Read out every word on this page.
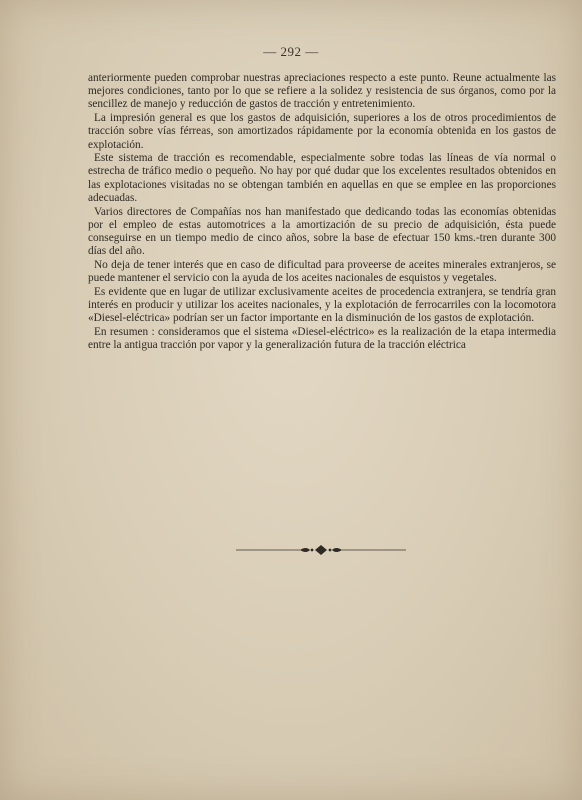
— 292 —

anteriormente pueden comprobar nuestras apreciaciones respecto a este punto. Reune actualmente las mejores condiciones, tanto por lo que se refiere a la solidez y resistencia de sus órganos, como por la sencillez de manejo y reducción de gastos de tracción y entretenimiento.

La impresión general es que los gastos de adquisición, superiores a los de otros procedimientos de tracción sobre vías férreas, son amortizados rápidamente por la economía obtenida en los gastos de explotación.

Este sistema de tracción es recomendable, especialmente sobre todas las líneas de vía normal o estrecha de tráfico medio o pequeño. No hay por qué dudar que los excelentes resultados obtenidos en las explotaciones visitadas no se obtengan también en aquellas en que se emplee en las proporciones adecuadas.

Varios directores de Compañías nos han manifestado que dedicando todas las economías obtenidas por el empleo de estas automotrices a la amortización de su precio de adquisición, ésta puede conseguirse en un tiempo medio de cinco años, sobre la base de efectuar 150 kms.-tren durante 300 días del año.

No deja de tener interés que en caso de dificultad para proveerse de aceites minerales extranjeros, se puede mantener el servicio con la ayuda de los aceites nacionales de esquistos y vegetales.

Es evidente que en lugar de utilizar exclusivamente aceites de procedencia extranjera, se tendría gran interés en producir y utilizar los aceites nacionales, y la explotación de ferrocarriles con la locomotora «Diesel-eléctrica» podrían ser un factor importante en la disminución de los gastos de explotación.

En resumen : consideramos que el sistema «Diesel-eléctrico» es la realización de la etapa intermedia entre la antigua tracción por vapor y la generalización futura de la tracción eléctrica
